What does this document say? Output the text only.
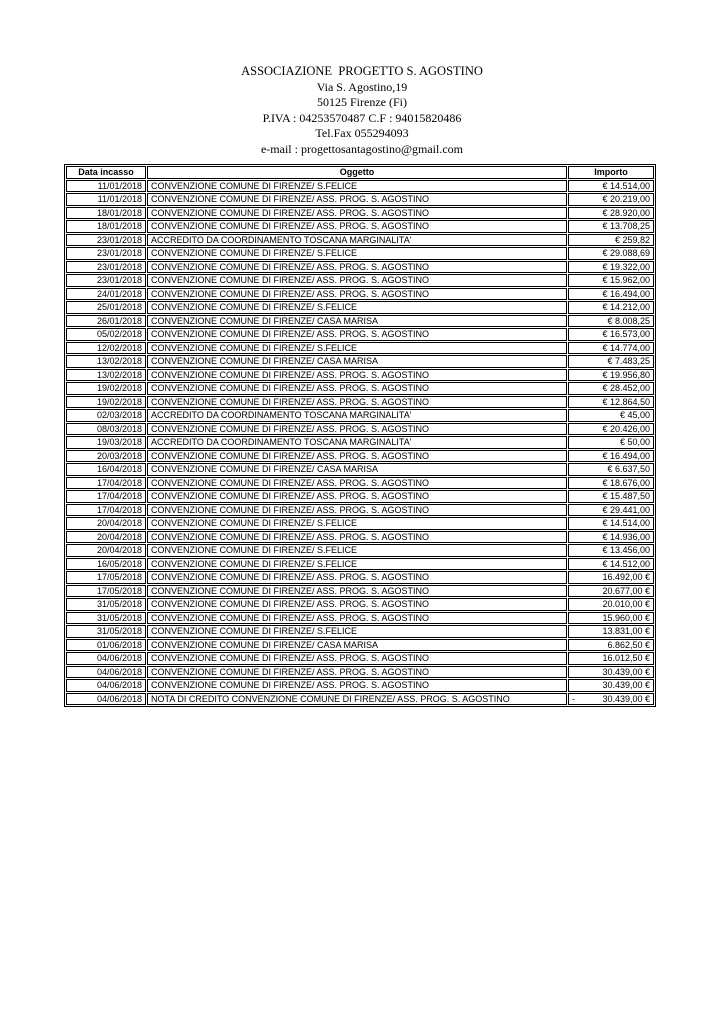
ASSOCIAZIONE  PROGETTO S. AGOSTINO

Via S. Agostino,19

50125 Firenze (Fi)

P.IVA : 04253570487 C.F : 94015820486

Tel.Fax 055294093

e-mail : progettosantagostino@gmail.com

Data incasso	Oggetto	Importo
11/01/2018	CONVENZIONE COMUNE DI FIRENZE/ S.FELICE	€ 14.514,00
11/01/2018	CONVENZIONE COMUNE DI FIRENZE/ ASS. PROG. S. AGOSTINO	€ 20.219,00
18/01/2018	CONVENZIONE COMUNE DI FIRENZE/ ASS. PROG. S. AGOSTINO	€ 28.920,00
18/01/2018	CONVENZIONE COMUNE DI FIRENZE/ ASS. PROG. S. AGOSTINO	€ 13.708,25
23/01/2018	ACCREDITO DA COORDINAMENTO TOSCANA MARGINALITA'	€ 259,82
23/01/2018	CONVENZIONE COMUNE DI FIRENZE/ S.FELICE	€ 29.088,69
23/01/2018	CONVENZIONE COMUNE DI FIRENZE/ ASS. PROG. S. AGOSTINO	€ 19.322,00
23/01/2018	CONVENZIONE COMUNE DI FIRENZE/ ASS. PROG. S. AGOSTINO	€ 15.962,00
24/01/2018	CONVENZIONE COMUNE DI FIRENZE/ ASS. PROG. S. AGOSTINO	€ 16.494,00
25/01/2018	CONVENZIONE COMUNE DI FIRENZE/ S.FELICE	€ 14.212,00
26/01/2018	CONVENZIONE COMUNE DI FIRENZE/ CASA MARISA	€ 8.008,25
05/02/2018	CONVENZIONE COMUNE DI FIRENZE/ ASS. PROG. S. AGOSTINO	€ 16.573,00
12/02/2018	CONVENZIONE COMUNE DI FIRENZE/ S.FELICE	€ 14.774,00
13/02/2018	CONVENZIONE COMUNE DI FIRENZE/ CASA MARISA	€ 7.483,25
13/02/2018	CONVENZIONE COMUNE DI FIRENZE/ ASS. PROG. S. AGOSTINO	€ 19.956,80
19/02/2018	CONVENZIONE COMUNE DI FIRENZE/ ASS. PROG. S. AGOSTINO	€ 28.452,00
19/02/2018	CONVENZIONE COMUNE DI FIRENZE/ ASS. PROG. S. AGOSTINO	€ 12.864,50
02/03/2018	ACCREDITO DA COORDINAMENTO TOSCANA MARGINALITA'	€ 45,00
08/03/2018	CONVENZIONE COMUNE DI FIRENZE/ ASS. PROG. S. AGOSTINO	€ 20.426,00
19/03/2018	ACCREDITO DA COORDINAMENTO TOSCANA MARGINALITA'	€ 50,00
20/03/2018	CONVENZIONE COMUNE DI FIRENZE/ ASS. PROG. S. AGOSTINO	€ 16.494,00
16/04/2018	CONVENZIONE COMUNE DI FIRENZE/ CASA MARISA	€ 6.637,50
17/04/2018	CONVENZIONE COMUNE DI FIRENZE/ ASS. PROG. S. AGOSTINO	€ 18.676,00
17/04/2018	CONVENZIONE COMUNE DI FIRENZE/ ASS. PROG. S. AGOSTINO	€ 15.487,50
17/04/2018	CONVENZIONE COMUNE DI FIRENZE/ ASS. PROG. S. AGOSTINO	€ 29.441,00
20/04/2018	CONVENZIONE COMUNE DI FIRENZE/ S.FELICE	€ 14.514,00
20/04/2018	CONVENZIONE COMUNE DI FIRENZE/ ASS. PROG. S. AGOSTINO	€ 14.936,00
20/04/2018	CONVENZIONE COMUNE DI FIRENZE/ S.FELICE	€ 13.456,00
16/05/2018	CONVENZIONE COMUNE DI FIRENZE/ S.FELICE	€ 14.512,00
17/05/2018	CONVENZIONE COMUNE DI FIRENZE/ ASS. PROG. S. AGOSTINO	16.492,00 €
17/05/2018	CONVENZIONE COMUNE DI FIRENZE/ ASS. PROG. S. AGOSTINO	20.677,00 €
31/05/2018	CONVENZIONE COMUNE DI FIRENZE/ ASS. PROG. S. AGOSTINO	20.010,00 €
31/05/2018	CONVENZIONE COMUNE DI FIRENZE/ ASS. PROG. S. AGOSTINO	15.960,00 €
31/05/2018	CONVENZIONE COMUNE DI FIRENZE/ S.FELICE	13.831,00 €
01/06/2018	CONVENZIONE COMUNE DI FIRENZE/ CASA MARISA	6.862,50 €
04/06/2018	CONVENZIONE COMUNE DI FIRENZE/ ASS. PROG. S. AGOSTINO	16.012,50 €
04/06/2018	CONVENZIONE COMUNE DI FIRENZE/ ASS. PROG. S. AGOSTINO	30.439,00 €
04/06/2018	CONVENZIONE COMUNE DI FIRENZE/ ASS. PROG. S. AGOSTINO	30.439,00 €
04/06/2018	NOTA DI CREDITO CONVENZIONE COMUNE DI FIRENZE/ ASS. PROG. S. AGOSTINO	- 30.439,00 €
